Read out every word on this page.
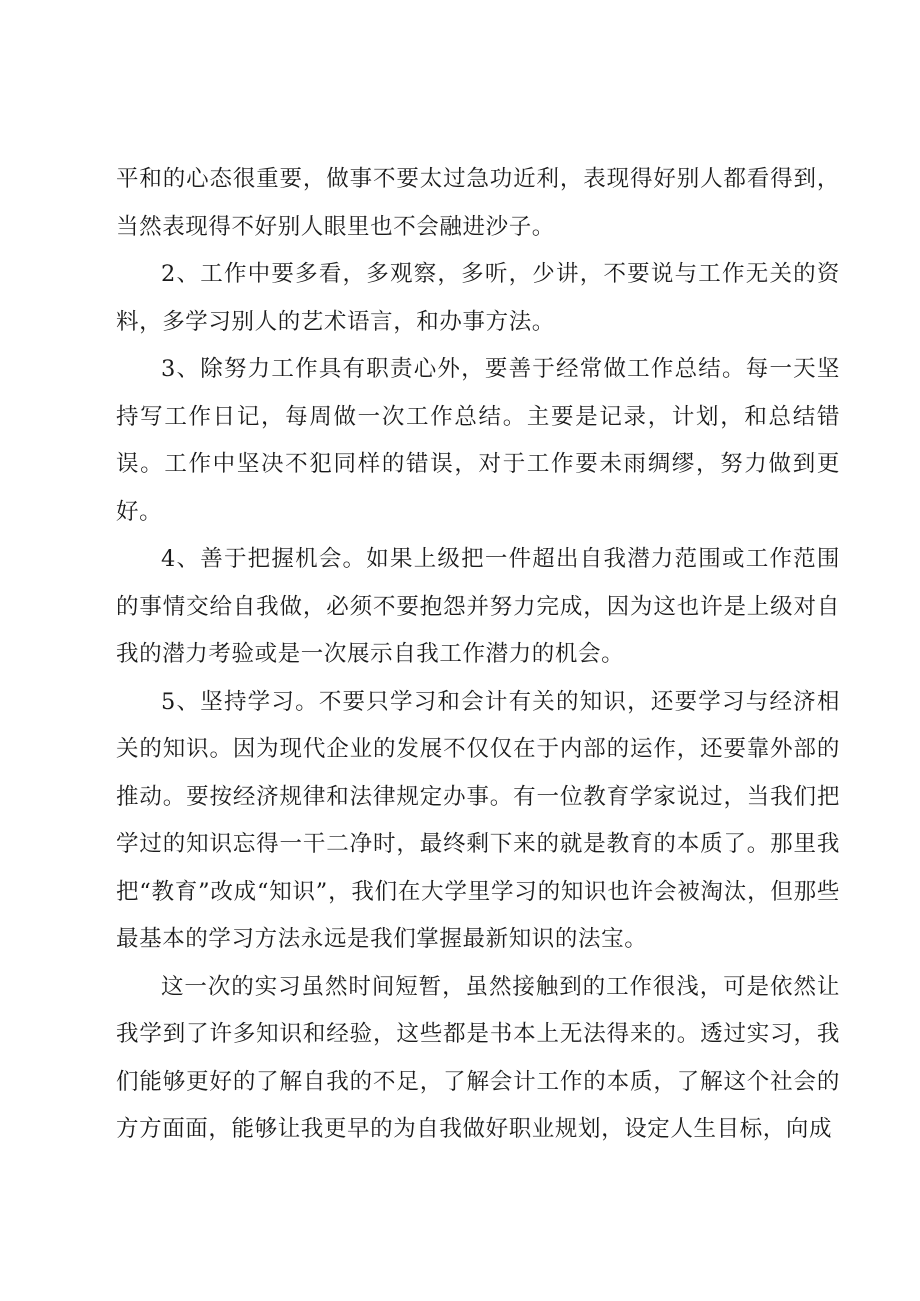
平和的心态很重要，做事不要太过急功近利，表现得好别人都看得到，当然表现得不好别人眼里也不会融进沙子。

2、工作中要多看，多观察，多听，少讲，不要说与工作无关的资料，多学习别人的艺术语言，和办事方法。

3、除努力工作具有职责心外，要善于经常做工作总结。每一天坚持写工作日记，每周做一次工作总结。主要是记录，计划，和总结错误。工作中坚决不犯同样的错误，对于工作要未雨绸缪，努力做到更好。

4、善于把握机会。如果上级把一件超出自我潜力范围或工作范围的事情交给自我做，必须不要抱怨并努力完成，因为这也许是上级对自我的潜力考验或是一次展示自我工作潜力的机会。

5、坚持学习。不要只学习和会计有关的知识，还要学习与经济相关的知识。因为现代企业的发展不仅仅在于内部的运作，还要靠外部的推动。要按经济规律和法律规定办事。有一位教育学家说过，当我们把学过的知识忘得一干二净时，最终剩下来的就是教育的本质了。那里我把“教育”改成“知识”，我们在大学里学习的知识也许会被淘汰，但那些最基本的学习方法永远是我们掌握最新知识的法宝。

这一次的实习虽然时间短暂，虽然接触到的工作很浅，可是依然让我学到了许多知识和经验，这些都是书本上无法得来的。透过实习，我们能够更好的了解自我的不足，了解会计工作的本质，了解这个社会的方方面面，能够让我更早的为自我做好职业规划，设定人生目标，向成
